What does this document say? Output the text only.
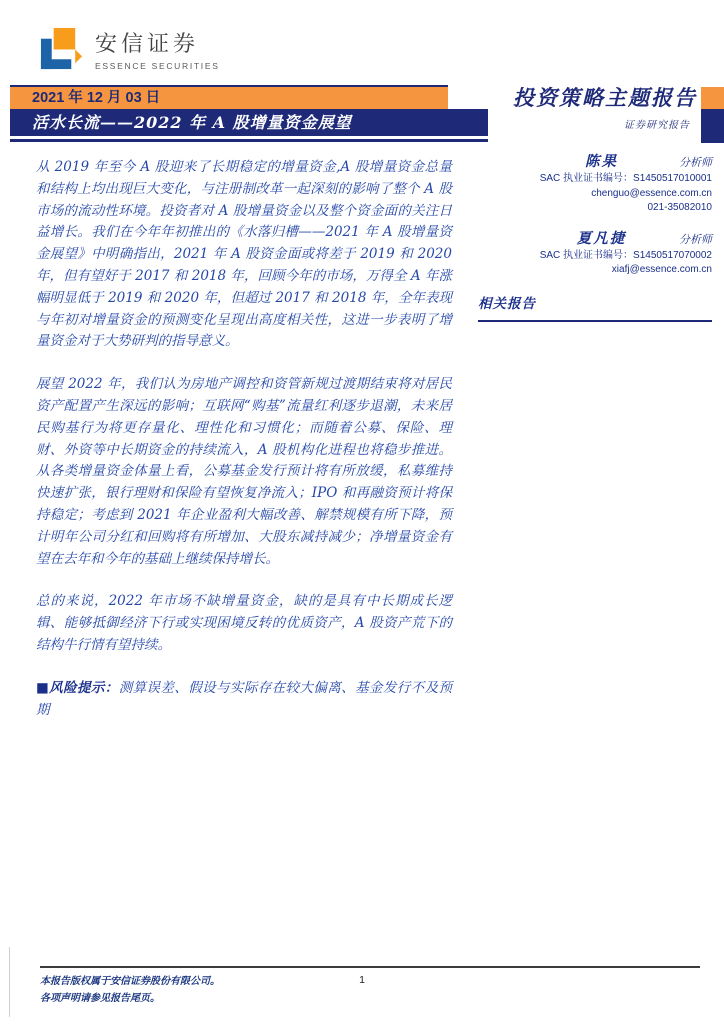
安信证券
ESSENCE SECURITIES
2021 年 12 月 03 日
活水长流——2022 年 A 股增量资金展望
投资策略主题报告
证券研究报告

从 2019 年至今 A 股迎来了长期稳定的增量资金,A 股增量资金总量和结构上均出现巨大变化，与注册制改革一起深刻的影响了整个 A 股市场的流动性环境。投资者对 A 股增量资金以及整个资金面的关注日益增长。我们在今年年初推出的《水落归槽——2021 年 A 股增量资金展望》中明确指出，2021 年 A 股资金面或将差于 2019 和 2020 年，但有望好于 2017 和 2018 年，回顾今年的市场，万得全 A 年涨幅明显低于 2019 和 2020 年，但超过 2017 和 2018 年，全年表现与年初对增量资金的预测变化呈现出高度相关性，这进一步表明了增量资金对于大势研判的指导意义。

展望 2022 年，我们认为房地产调控和资管新规过渡期结束将对居民资产配置产生深远的影响；互联网“购基”流量红利逐步退潮，未来居民购基行为将更存量化、理性化和习惯化；而随着公募、保险、理财、外资等中长期资金的持续流入，A 股机构化进程也将稳步推进。从各类增量资金体量上看，公募基金发行预计将有所放缓，私募维持快速扩张，银行理财和保险有望恢复净流入；IPO 和再融资预计将保持稳定；考虑到 2021 年企业盈利大幅改善、解禁规模有所下降，预计明年公司分红和回购将有所增加、大股东减持减少；净增量资金有望在去年和今年的基础上继续保持增长。

总的来说，2022 年市场不缺增量资金，缺的是具有中长期成长逻辑、能够抵御经济下行或实现困境反转的优质资产，A 股资产荒下的结构牛行情有望持续。

■风险提示：测算误差、假设与实际存在较大偏离、基金发行不及预期

陈果	分析师
SAC 执业证书编号：S1450517010001
chenguo@essence.com.cn
021-35082010
夏凡捷	分析师
SAC 执业证书编号：S1450517070002
xiafj@essence.com.cn
相关报告
本报告版权属于安信证券股份有限公司。
各项声明请参见报告尾页。
1
